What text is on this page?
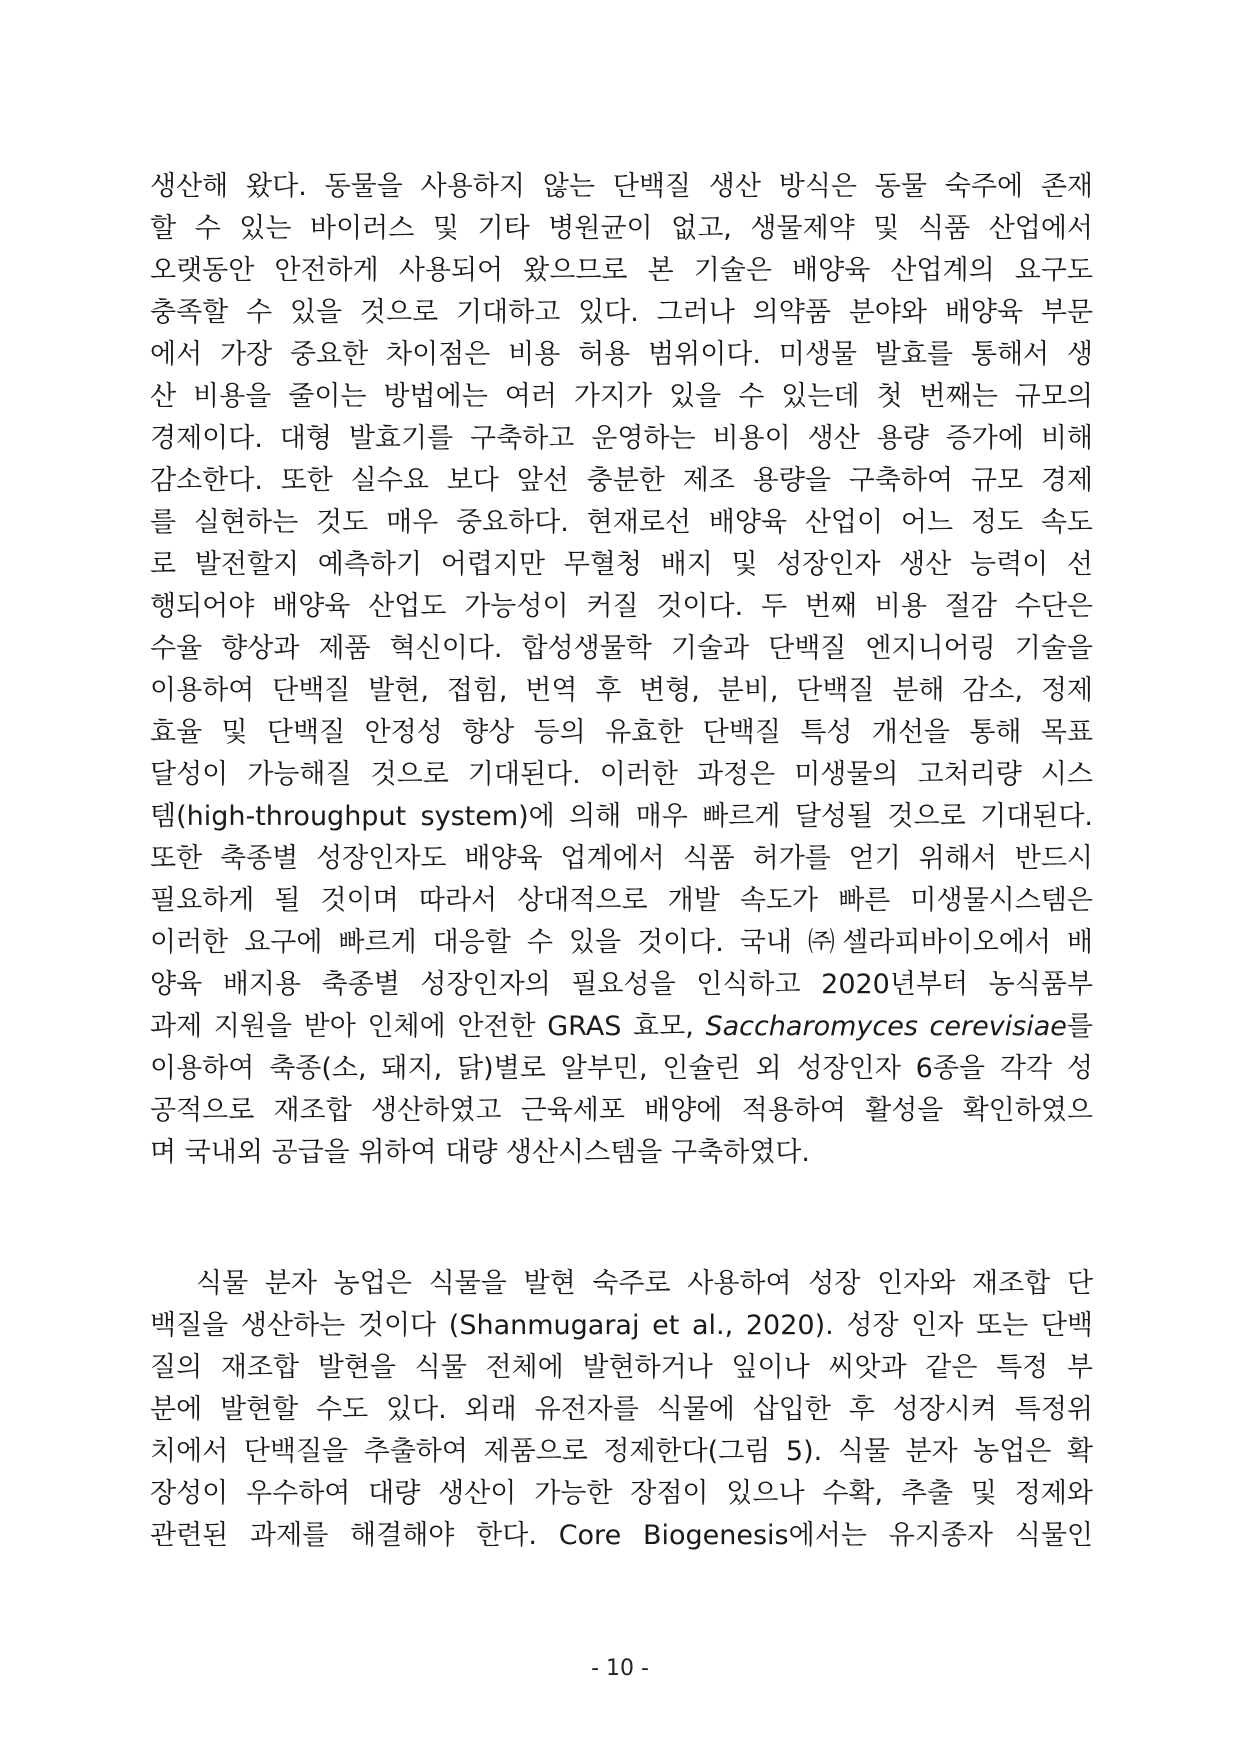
생산해 왔다. 동물을 사용하지 않는 단백질 생산 방식은 동물 숙주에 존재
할 수 있는 바이러스 및 기타 병원균이 없고, 생물제약 및 식품 산업에서
오랫동안 안전하게 사용되어 왔으므로 본 기술은 배양육 산업계의 요구도
충족할 수 있을 것으로 기대하고 있다. 그러나 의약품 분야와 배양육 부문
에서 가장 중요한 차이점은 비용 허용 범위이다. 미생물 발효를 통해서 생
산 비용을 줄이는 방법에는 여러 가지가 있을 수 있는데 첫 번째는 규모의
경제이다. 대형 발효기를 구축하고 운영하는 비용이 생산 용량 증가에 비해
감소한다. 또한 실수요 보다 앞선 충분한 제조 용량을 구축하여 규모 경제
를 실현하는 것도 매우 중요하다. 현재로선 배양육 산업이 어느 정도 속도
로 발전할지 예측하기 어렵지만 무혈청 배지 및 성장인자 생산 능력이 선
행되어야 배양육 산업도 가능성이 커질 것이다. 두 번째 비용 절감 수단은
수율 향상과 제품 혁신이다. 합성생물학 기술과 단백질 엔지니어링 기술을
이용하여 단백질 발현, 접힘, 번역 후 변형, 분비, 단백질 분해 감소, 정제
효율 및 단백질 안정성 향상 등의 유효한 단백질 특성 개선을 통해 목표
달성이 가능해질 것으로 기대된다. 이러한 과정은 미생물의 고처리량 시스
템(high-throughput system)에 의해 매우 빠르게 달성될 것으로 기대된다.
또한 축종별 성장인자도 배양육 업계에서 식품 허가를 얻기 위해서 반드시
필요하게 될 것이며 따라서 상대적으로 개발 속도가 빠른 미생물시스템은
이러한 요구에 빠르게 대응할 수 있을 것이다. 국내 ㈜셀라피바이오에서 배
양육 배지용 축종별 성장인자의 필요성을 인식하고 2020년부터 농식품부
과제 지원을 받아 인체에 안전한 GRAS 효모, Saccharomyces cerevisiae를
이용하여 축종(소, 돼지, 닭)별로 알부민, 인슐린 외 성장인자 6종을 각각 성
공적으로 재조합 생산하였고 근육세포 배양에 적용하여 활성을 확인하였으
며 국내외 공급을 위하여 대량 생산시스템을 구축하였다.
식물 분자 농업은 식물을 발현 숙주로 사용하여 성장 인자와 재조합 단
백질을 생산하는 것이다 (Shanmugaraj et al., 2020). 성장 인자 또는 단백
질의 재조합 발현을 식물 전체에 발현하거나 잎이나 씨앗과 같은 특정 부
분에 발현할 수도 있다. 외래 유전자를 식물에 삽입한 후 성장시켜 특정위
치에서 단백질을 추출하여 제품으로 정제한다(그림 5). 식물 분자 농업은 확
장성이 우수하여 대량 생산이 가능한 장점이 있으나 수확, 추출 및 정제와
관련된 과제를 해결해야 한다. Core Biogenesis에서는 유지종자 식물인
- 10 -
